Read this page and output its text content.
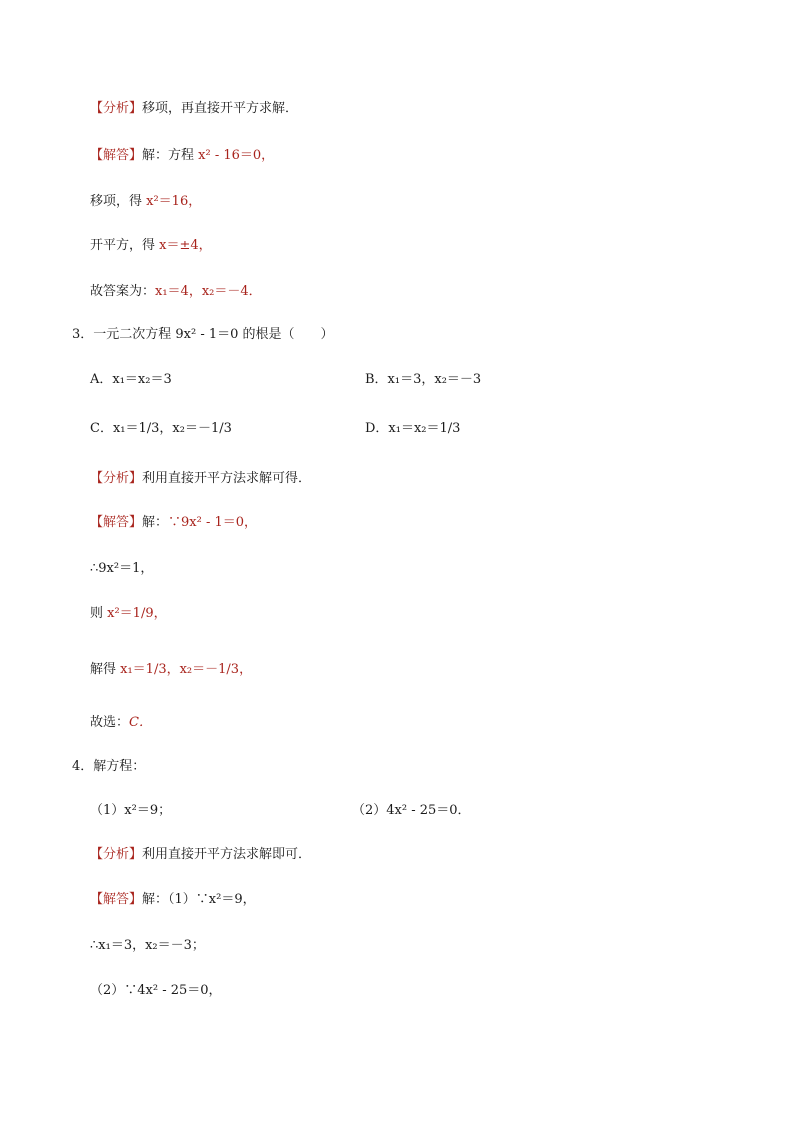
【分析】移项，再直接开平方求解．
【解答】解：方程 x² - 16＝0，
移项，得 x²＝16，
开平方，得 x＝±4，
故答案为：x₁＝4，x₂＝－4．
3．一元二次方程 9x² - 1＝0 的根是（　　）
A．x₁＝x₂＝3	B．x₁＝3，x₂＝－3
C．x₁＝1/3，x₂＝－1/3	D．x₁＝x₂＝1/3
【分析】利用直接开平方法求解可得．
【解答】解：∵9x² - 1＝0，
∴9x²＝1，
则 x²＝1/9，
解得 x₁＝1/3，x₂＝－1/3，
故选：C．
4．解方程：
（1）x²＝9；	（2）4x² - 25＝0．
【分析】利用直接开平方法求解即可．
【解答】解：（1）∵x²＝9，
∴x₁＝3，x₂＝－3；
（2）∵4x² - 25＝0，
